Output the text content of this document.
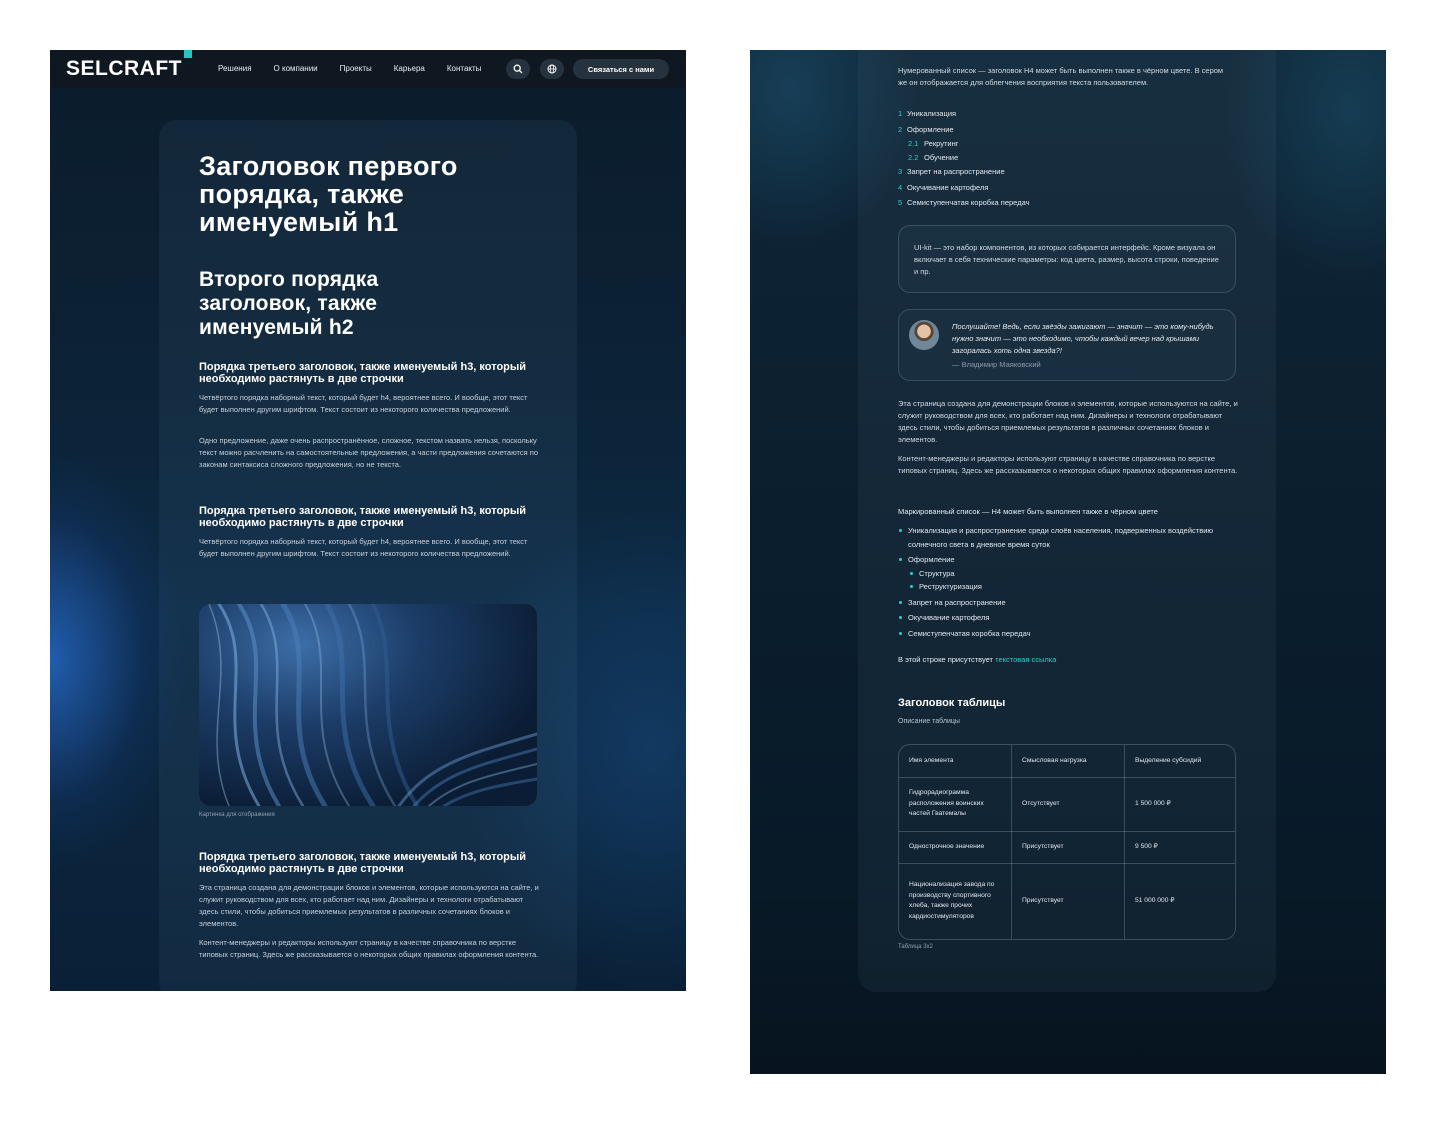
SELCRAFT	Решения	О компании	Проекты	Карьера	Контакты	Связаться с нами
Заголовок первого порядка, также именуемый h1
Второго порядка заголовок, также именуемый h2
Порядка третьего заголовок, также именуемый h3, который необходимо растянуть в две строчки
Четвёртого порядка наборный текст, который будет h4, вероятнее всего. И вообще, этот текст будет выполнен другим шрифтом. Текст состоит из некоторого количества предложений.
Одно предложение, даже очень распространённое, сложное, текстом назвать нельзя, поскольку текст можно расчленить на самостоятельные предложения, а части предложения сочетаются по законам синтаксиса сложного предложения, но не текста.
Порядка третьего заголовок, также именуемый h3, который необходимо растянуть в две строчки
Четвёртого порядка наборный текст, который будет h4, вероятнее всего. И вообще, этот текст будет выполнен другим шрифтом. Текст состоит из некоторого количества предложений.
Картинка для отображения
Порядка третьего заголовок, также именуемый h3, который необходимо растянуть в две строчки
Эта страница создана для демонстрации блоков и элементов, которые используются на сайте, и служит руководством для всех, кто работает над ним. Дизайнеры и технологи отрабатывают здесь стили, чтобы добиться приемлемых результатов в различных сочетаниях блоков и элементов.
Контент-менеджеры и редакторы используют страницу в качестве справочника по верстке типовых страниц. Здесь же рассказывается о некоторых общих правилах оформления контента.
Нумерованный список — заголовок H4 может быть выполнен также в чёрном цвете. В сером же он отображается для облегчения восприятия текста пользователем.
1 Уникализация
2 Оформление
2.1 Рекрутинг
2.2 Обучение
3 Запрет на распространение
4 Окучивание картофеля
5 Семиступенчатая коробка передач
UI-kit — это набор компонентов, из которых собирается интерфейс. Кроме визуала он включает в себя технические параметры: код цвета, размер, высота строки, поведение и пр.
Послушайте! Ведь, если звёзды зажигают — значит — это кому-нибудь нужно значит — это необходимо, чтобы каждый вечер над крышами загоралась хоть одна звезда?!
— Владимир Маяковский
Эта страница создана для демонстрации блоков и элементов, которые используются на сайте, и служит руководством для всех, кто работает над ним. Дизайнеры и технологи отрабатывают здесь стили, чтобы добиться приемлемых результатов в различных сочетаниях блоков и элементов.
Контент-менеджеры и редакторы используют страницу в качестве справочника по верстке типовых страниц. Здесь же рассказывается о некоторых общих правилах оформления контента.
Маркированный список — H4 может быть выполнен также в чёрном цвете
Уникализация и распространение среди слоёв населения, подверженных воздействию солнечного света в дневное время суток
Оформление
Структура
Реструктуризация
Запрет на распространение
Окучивание картофеля
Семиступенчатая коробка передач
В этой строке присутствует текстовая ссылка
Заголовок таблицы
Описание таблицы
Имя элемента	Смысловая нагрузка	Выделение субсидий
Гидрорадиограмма расположения воинских частей Гватемалы	Отсутствует	1 500 000 ₽
Однострочное значение	Присутствует	9 500 ₽
Национализация завода по производству спортивного хлеба, также прочих кардиостимуляторов	Присутствует	51 000 000 ₽
Таблица 3х2
